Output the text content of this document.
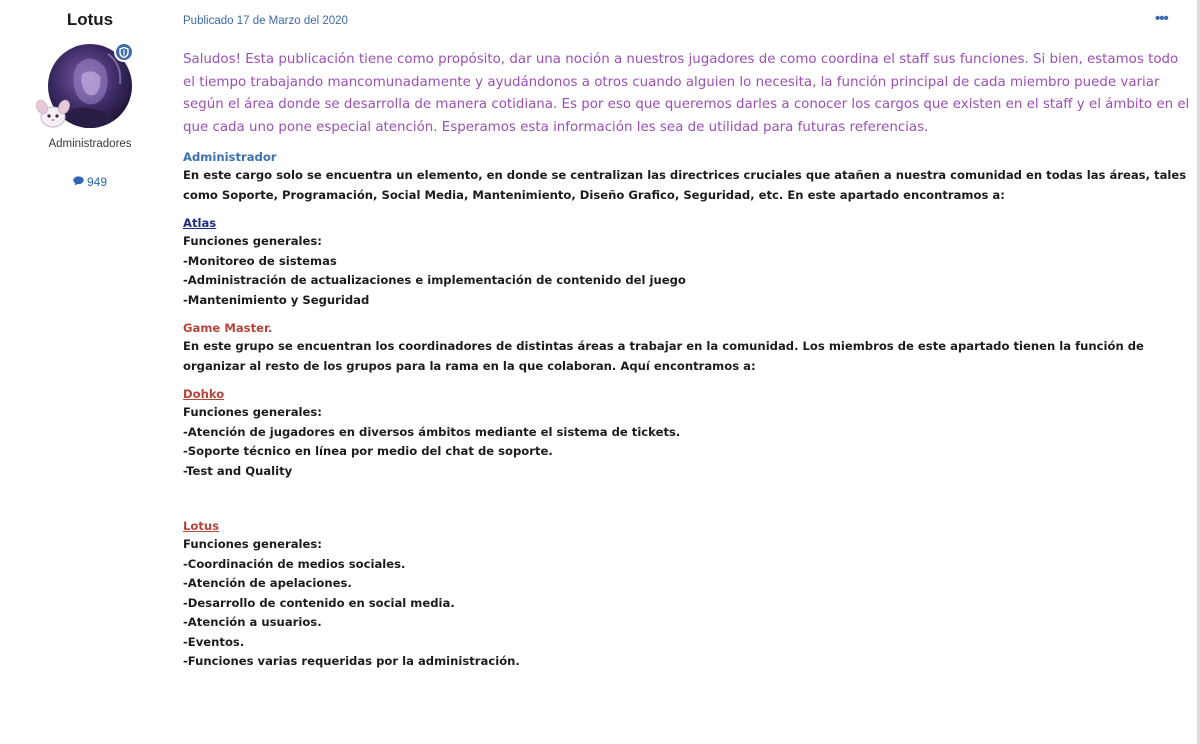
Lotus
Administradores
949
Publicado 17 de Marzo del 2020	•••

Saludos! Esta publicación tiene como propósito, dar una noción a nuestros jugadores de como coordina el staff sus funciones. Si bien, estamos todo el tiempo trabajando mancomunadamente y ayudándonos a otros cuando alguien lo necesita, la función principal de cada miembro puede variar según el área donde se desarrolla de manera cotidiana. Es por eso que queremos darles a conocer los cargos que existen en el staff y el ámbito en el que cada uno pone especial atención. Esperamos esta información les sea de utilidad para futuras referencias.

Administrador
En este cargo solo se encuentra un elemento, en donde se centralizan las directrices cruciales que atañen a nuestra comunidad en todas las áreas, tales como Soporte, Programación, Social Media, Mantenimiento, Diseño Grafico, Seguridad, etc. En este apartado encontramos a:
Atlas
Funciones generales:
-Monitoreo de sistemas
-Administración de actualizaciones e implementación de contenido del juego
-Mantenimiento y Seguridad
Game Master.
En este grupo se encuentran los coordinadores de distintas áreas a trabajar en la comunidad. Los miembros de este apartado tienen la función de organizar al resto de los grupos para la rama en la que colaboran. Aquí encontramos a:
Dohko
Funciones generales:
-Atención de jugadores en diversos ámbitos mediante el sistema de tickets.
-Soporte técnico en línea por medio del chat de soporte.
-Test and Quality
Lotus
Funciones generales:
-Coordinación de medios sociales.
-Atención de apelaciones.
-Desarrollo de contenido en social media.
-Atención a usuarios.
-Eventos.
-Funciones varias requeridas por la administración.
